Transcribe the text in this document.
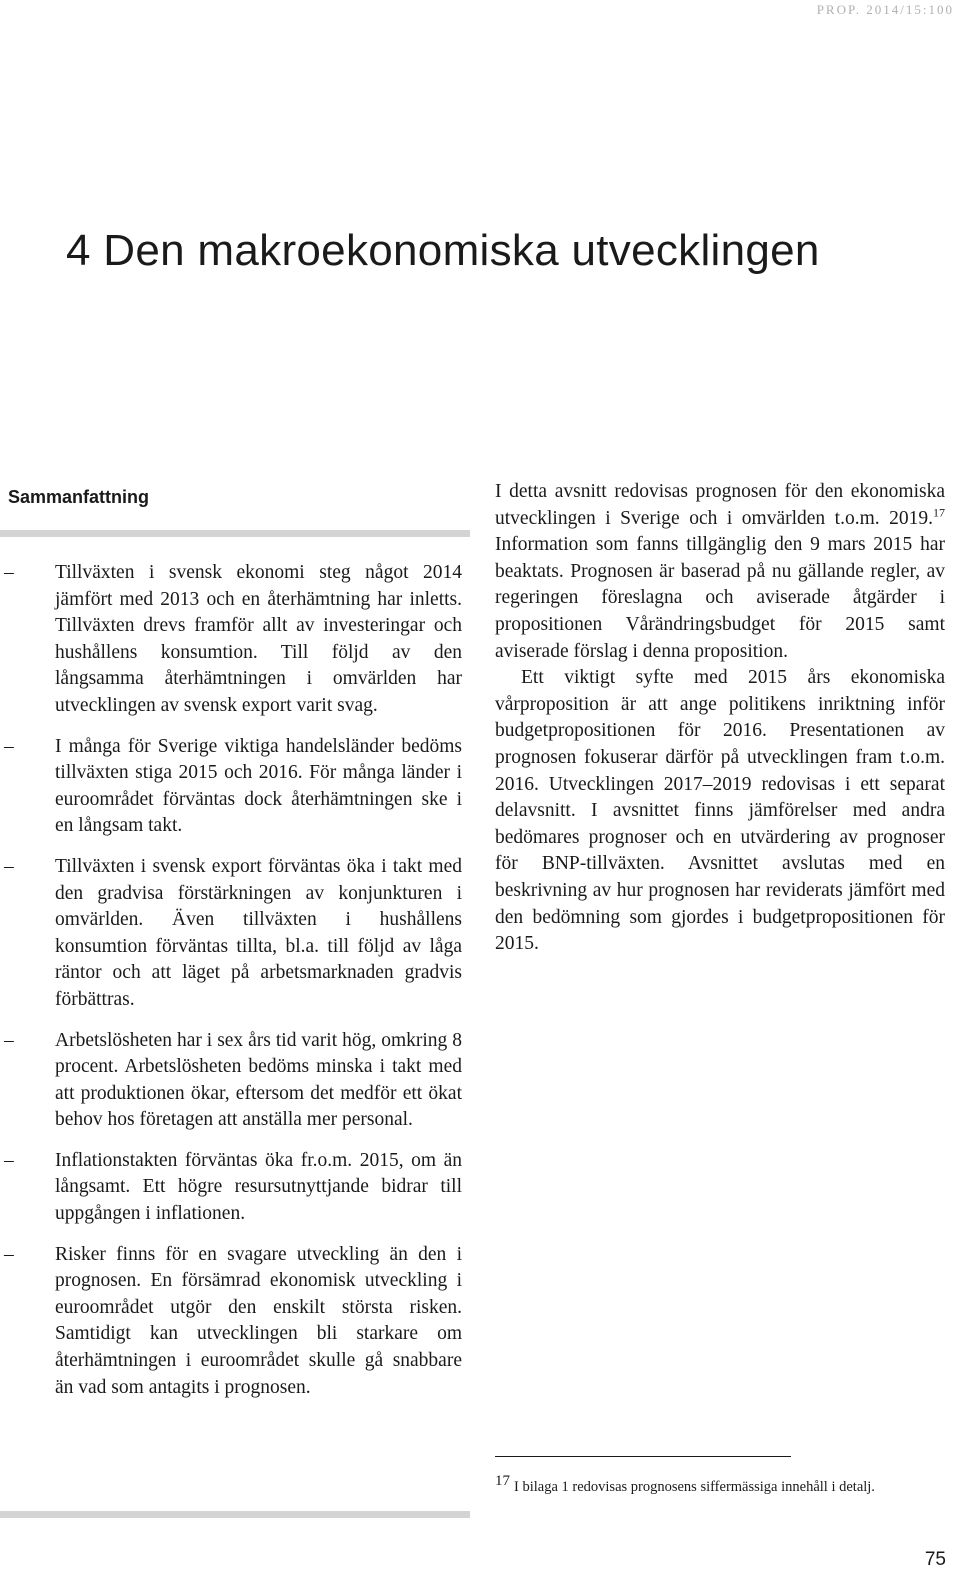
PROP. 2014/15:100
4 Den makroekonomiska utvecklingen
Sammanfattning
– Tillväxten i svensk ekonomi steg något 2014 jämfört med 2013 och en återhämtning har inletts. Tillväxten drevs framför allt av investeringar och hushållens konsumtion. Till följd av den långsamma återhämtningen i omvärlden har utvecklingen av svensk export varit svag.
– I många för Sverige viktiga handelsländer bedöms tillväxten stiga 2015 och 2016. För många länder i euroområdet förväntas dock återhämtningen ske i en långsam takt.
– Tillväxten i svensk export förväntas öka i takt med den gradvisa förstärkningen av konjunkturen i omvärlden. Även tillväxten i hushållens konsumtion förväntas tillta, bl.a. till följd av låga räntor och att läget på arbetsmarknaden gradvis förbättras.
– Arbetslösheten har i sex års tid varit hög, omkring 8 procent. Arbetslösheten bedöms minska i takt med att produktionen ökar, eftersom det medför ett ökat behov hos företagen att anställa mer personal.
– Inflationstakten förväntas öka fr.o.m. 2015, om än långsamt. Ett högre resursutnyttjande bidrar till uppgången i inflationen.
– Risker finns för en svagare utveckling än den i prognosen. En försämrad ekonomisk utveckling i euroområdet utgör den enskilt största risken. Samtidigt kan utvecklingen bli starkare om återhämtningen i euroområdet skulle gå snabbare än vad som antagits i prognosen.

I detta avsnitt redovisas prognosen för den ekonomiska utvecklingen i Sverige och i omvärlden t.o.m. 2019.17 Information som fanns tillgänglig den 9 mars 2015 har beaktats. Prognosen är baserad på nu gällande regler, av regeringen föreslagna och aviserade åtgärder i propositionen Vårändringsbudget för 2015 samt aviserade förslag i denna proposition.

Ett viktigt syfte med 2015 års ekonomiska vårproposition är att ange politikens inriktning inför budgetpropositionen för 2016. Presentationen av prognosen fokuserar därför på utvecklingen fram t.o.m. 2016. Utvecklingen 2017–2019 redovisas i ett separat delavsnitt. I avsnittet finns jämförelser med andra bedömares prognoser och en utvärdering av prognoser för BNP-tillväxten. Avsnittet avslutas med en beskrivning av hur prognosen har reviderats jämfört med den bedömning som gjordes i budgetpropositionen för 2015.

17 I bilaga 1 redovisas prognosens siffermässiga innehåll i detalj.
75
